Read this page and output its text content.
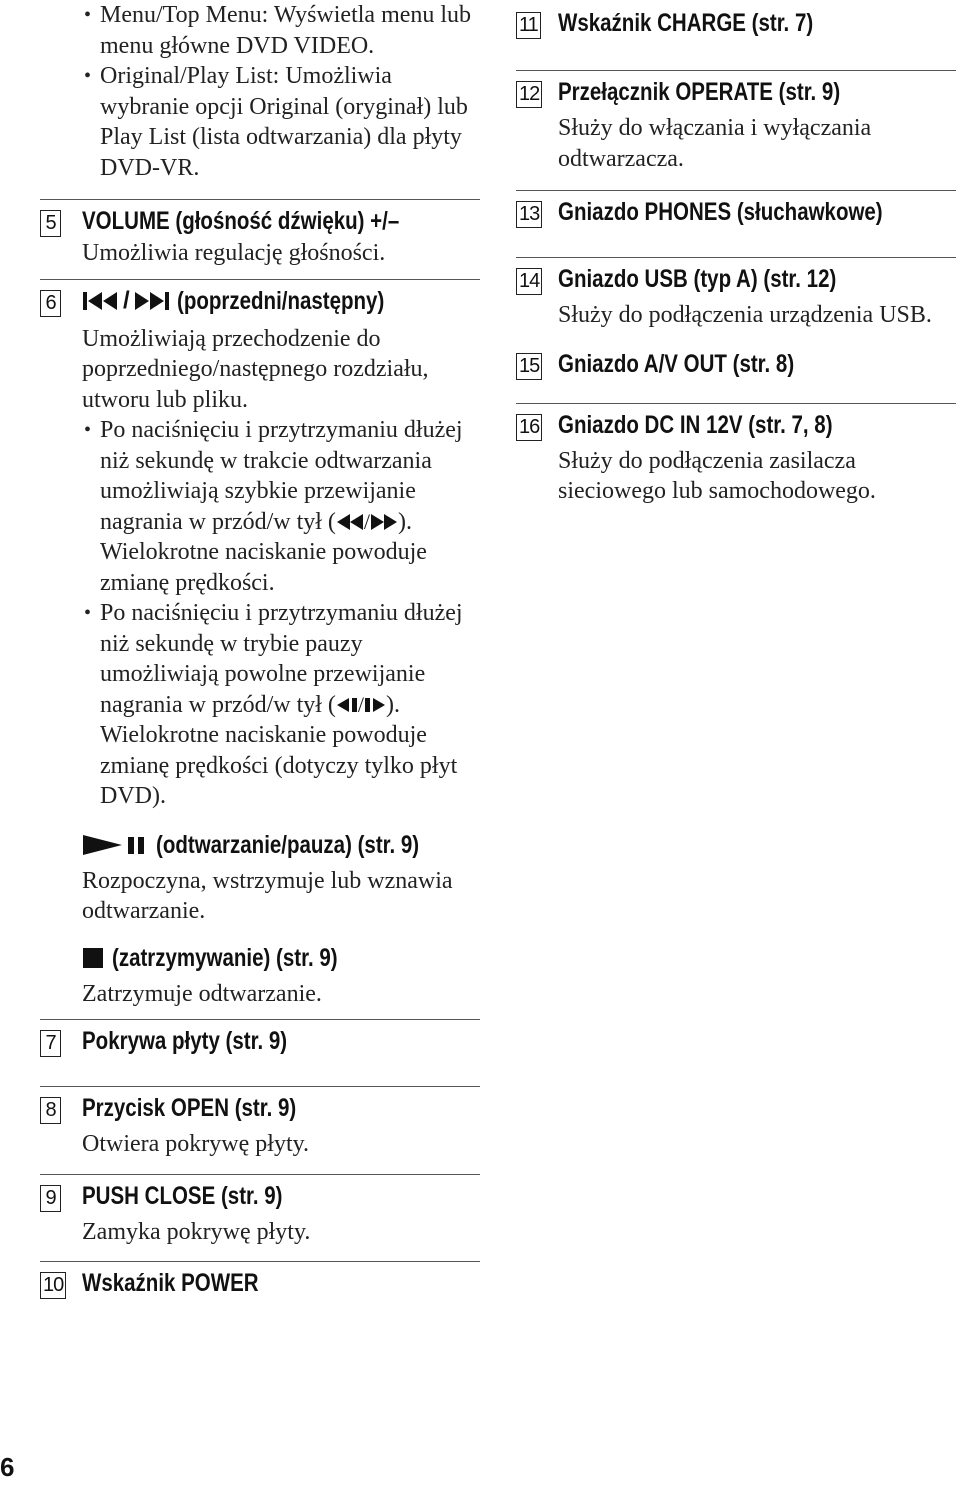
• Menu/Top Menu: Wyświetla menu lub menu główne DVD VIDEO.
• Original/Play List: Umożliwia wybranie opcji Original (oryginał) lub Play List (lista odtwarzania) dla płyty DVD-VR.
5 VOLUME (głośność dźwięku) +/–
Umożliwia regulację głośności.
6	/ (poprzedni/następny)
Umożliwiają przechodzenie do poprzedniego/następnego rozdziału, utworu lub pliku.
• Po naciśnięciu i przytrzymaniu dłużej niż sekundę w trakcie odtwarzania umożliwiają szybkie przewijanie nagrania w przód/w tył ( / ). Wielokrotne naciskanie powoduje zmianę prędkości.
• Po naciśnięciu i przytrzymaniu dłużej niż sekundę w trybie pauzy umożliwiają powolne przewijanie nagrania w przód/w tył ( / ). Wielokrotne naciskanie powoduje zmianę prędkości (dotyczy tylko płyt DVD).
(odtwarzanie/pauza) (str. 9)
Rozpoczyna, wstrzymuje lub wznawia odtwarzanie.
(zatrzymywanie) (str. 9)
Zatrzymuje odtwarzanie.
7 Pokrywa płyty (str. 9)
8 Przycisk OPEN (str. 9)
Otwiera pokrywę płyty.
9 PUSH CLOSE (str. 9)
Zamyka pokrywę płyty.
10 Wskaźnik POWER
11 Wskaźnik CHARGE (str. 7)
12 Przełącznik OPERATE (str. 9)
Służy do włączania i wyłączania odtwarzacza.
13 Gniazdo PHONES (słuchawkowe)
14 Gniazdo USB (typ A) (str. 12)
Służy do podłączenia urządzenia USB.
15 Gniazdo A/V OUT (str. 8)
16 Gniazdo DC IN 12V (str. 7, 8)
Służy do podłączenia zasilacza sieciowego lub samochodowego.
6
